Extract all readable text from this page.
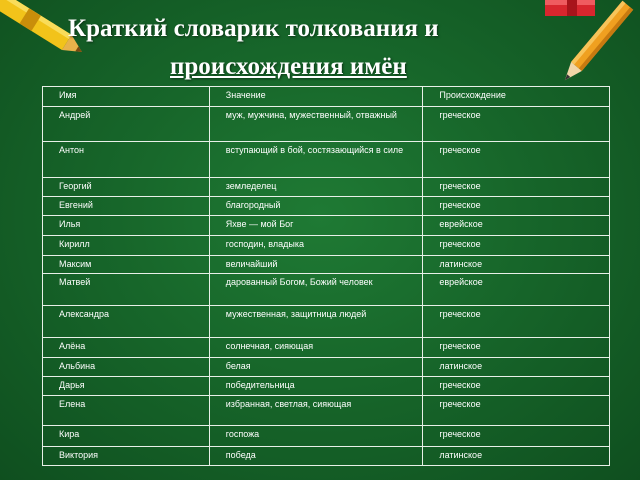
Краткий словарик толкования и
происхождения имён
Имя	Значение	Происхождение
Андрей	муж, мужчина, мужественный, отважный	греческое
Антон	вступающий в бой, состязающийся в силе	греческое
Георгий	земледелец	греческое
Евгений	благородный	греческое
Илья	Яхве — мой Бог	еврейское
Кирилл	господин, владыка	греческое
Максим	величайший	латинское
Матвей	дарованный Богом, Божий человек	еврейское
Александра	мужественная, защитница людей	греческое
Алёна	солнечная, сияющая	греческое
Альбина	белая	латинское
Дарья	победительница	греческое
Елена	избранная, светлая, сияющая	греческое
Кира	госпожа	греческое
Виктория	победа	латинское
